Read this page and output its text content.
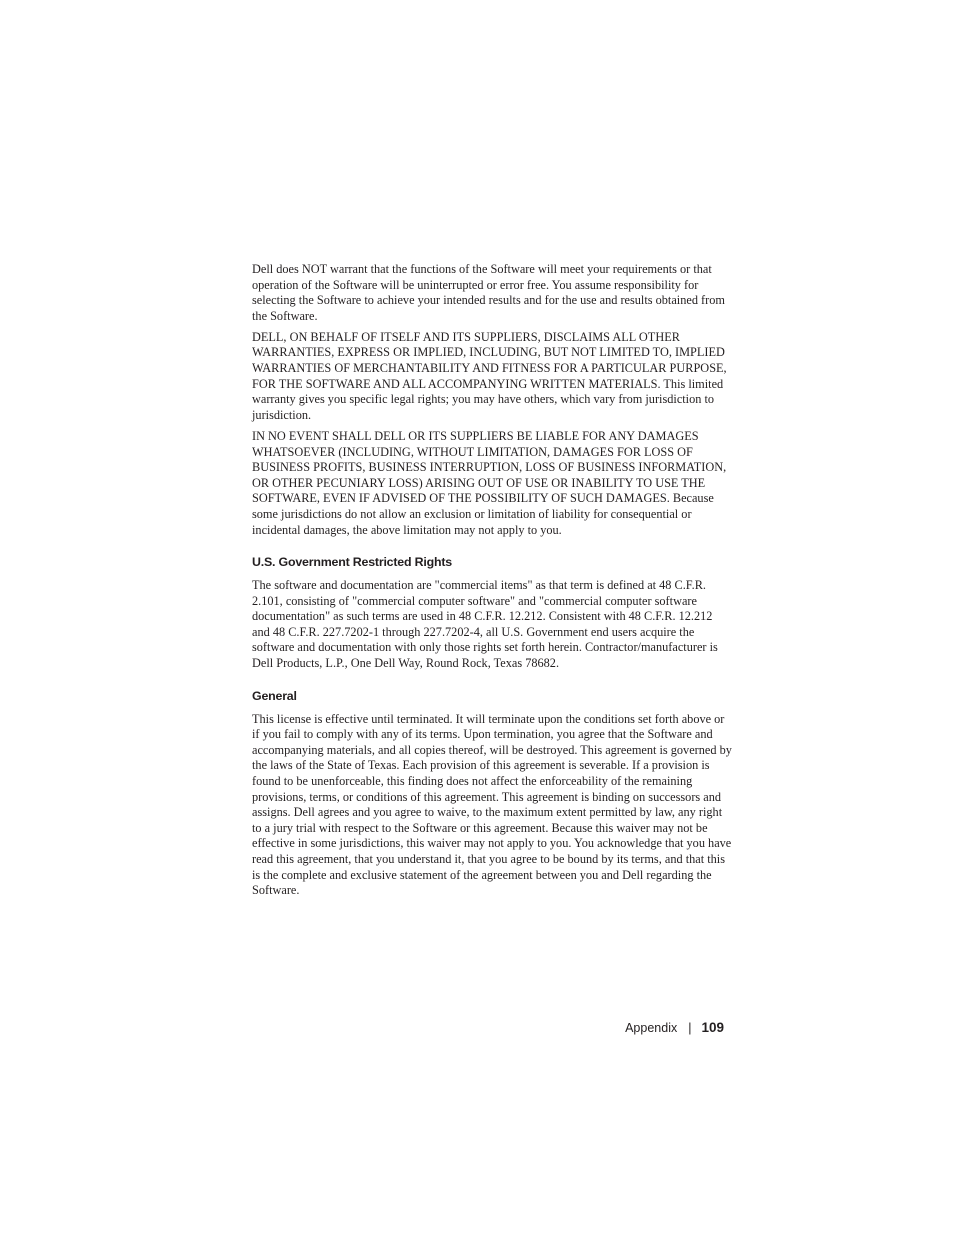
Dell does NOT warrant that the functions of the Software will meet your requirements or that operation of the Software will be uninterrupted or error free. You assume responsibility for selecting the Software to achieve your intended results and for the use and results obtained from the Software.

DELL, ON BEHALF OF ITSELF AND ITS SUPPLIERS, DISCLAIMS ALL OTHER WARRANTIES, EXPRESS OR IMPLIED, INCLUDING, BUT NOT LIMITED TO, IMPLIED WARRANTIES OF MERCHANTABILITY AND FITNESS FOR A PARTICULAR PURPOSE, FOR THE SOFTWARE AND ALL ACCOMPANYING WRITTEN MATERIALS. This limited warranty gives you specific legal rights; you may have others, which vary from jurisdiction to jurisdiction.

IN NO EVENT SHALL DELL OR ITS SUPPLIERS BE LIABLE FOR ANY DAMAGES WHATSOEVER (INCLUDING, WITHOUT LIMITATION, DAMAGES FOR LOSS OF BUSINESS PROFITS, BUSINESS INTERRUPTION, LOSS OF BUSINESS INFORMATION, OR OTHER PECUNIARY LOSS) ARISING OUT OF USE OR INABILITY TO USE THE SOFTWARE, EVEN IF ADVISED OF THE POSSIBILITY OF SUCH DAMAGES. Because some jurisdictions do not allow an exclusion or limitation of liability for consequential or incidental damages, the above limitation may not apply to you.

U.S. Government Restricted Rights

The software and documentation are "commercial items" as that term is defined at 48 C.F.R. 2.101, consisting of "commercial computer software" and "commercial computer software documentation" as such terms are used in 48 C.F.R. 12.212. Consistent with 48 C.F.R. 12.212 and 48 C.F.R. 227.7202-1 through 227.7202-4, all U.S. Government end users acquire the software and documentation with only those rights set forth herein. Contractor/manufacturer is Dell Products, L.P., One Dell Way, Round Rock, Texas 78682.

General

This license is effective until terminated. It will terminate upon the conditions set forth above or if you fail to comply with any of its terms. Upon termination, you agree that the Software and accompanying materials, and all copies thereof, will be destroyed. This agreement is governed by the laws of the State of Texas. Each provision of this agreement is severable. If a provision is found to be unenforceable, this finding does not affect the enforceability of the remaining provisions, terms, or conditions of this agreement. This agreement is binding on successors and assigns. Dell agrees and you agree to waive, to the maximum extent permitted by law, any right to a jury trial with respect to the Software or this agreement. Because this waiver may not be effective in some jurisdictions, this waiver may not apply to you. You acknowledge that you have read this agreement, that you understand it, that you agree to be bound by its terms, and that this is the complete and exclusive statement of the agreement between you and Dell regarding the Software.

Appendix | 109
